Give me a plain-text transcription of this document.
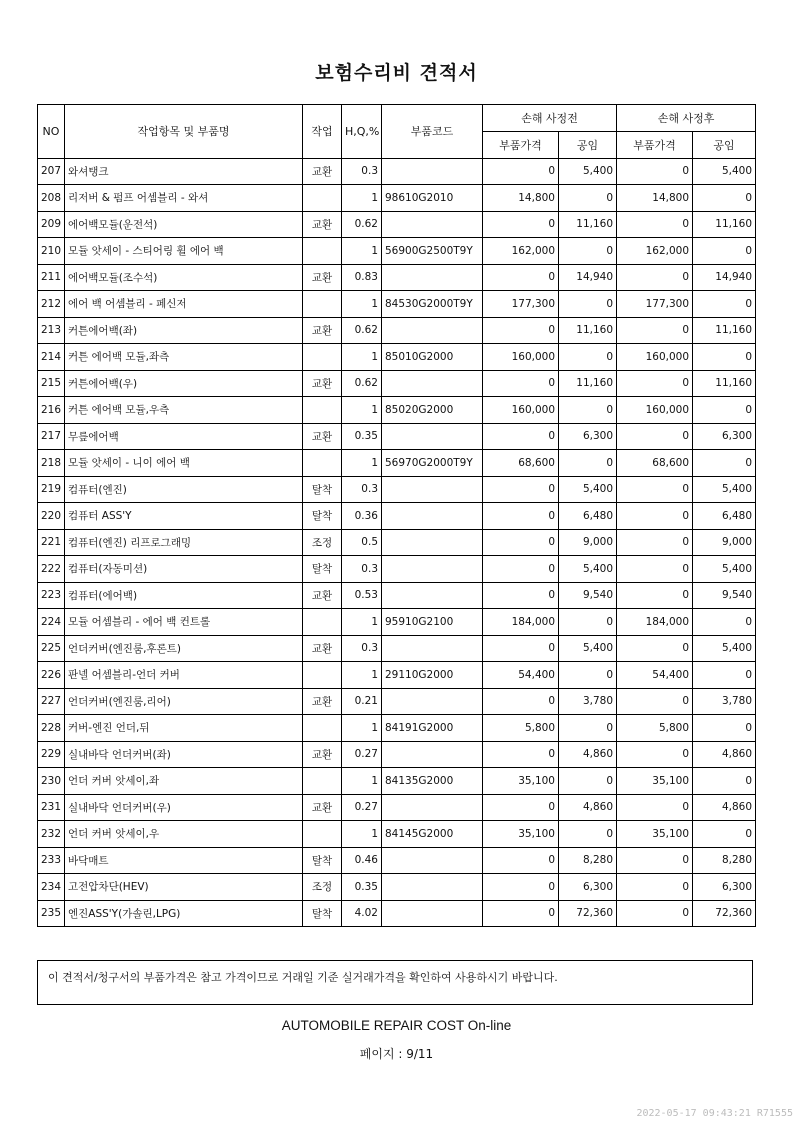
보험수리비 견적서
NO	작업항목 및 부품명	작업	H,Q,%	부품코드	손해 사정전		손해 사정후	
					부품가격	공임	부품가격	공임
207	와셔탱크	교환	0.3		0	5,400	0	5,400
208	리저버 & 펌프 어셈블리 - 와셔		1	98610G2010	14,800	0	14,800	0
209	에어백모듈(운전석)	교환	0.62		0	11,160	0	11,160
210	모듈 앗세이 - 스티어링 휠 에어 백		1	56900G2500T9Y	162,000	0	162,000	0
211	에어백모듈(조수석)	교환	0.83		0	14,940	0	14,940
212	에어 백 어셈블리 - 페신저		1	84530G2000T9Y	177,300	0	177,300	0
213	커튼에어백(좌)	교환	0.62		0	11,160	0	11,160
214	커튼 에어백 모듈,좌측		1	85010G2000	160,000	0	160,000	0
215	커튼에어백(우)	교환	0.62		0	11,160	0	11,160
216	커튼 에어백 모듈,우측		1	85020G2000	160,000	0	160,000	0
217	무릎에어백	교환	0.35		0	6,300	0	6,300
218	모듈 앗세이 - 니이 에어 백		1	56970G2000T9Y	68,600	0	68,600	0
219	컴퓨터(엔진)	탈착	0.3		0	5,400	0	5,400
220	컴퓨터 ASS'Y	탈착	0.36		0	6,480	0	6,480
221	컴퓨터(엔진) 리프로그래밍	조정	0.5		0	9,000	0	9,000
222	컴퓨터(자동미션)	탈착	0.3		0	5,400	0	5,400
223	컴퓨터(에어백)	교환	0.53		0	9,540	0	9,540
224	모듈 어셈블리 - 에어 백 컨트롤		1	95910G2100	184,000	0	184,000	0
225	언더커버(엔진룸,후론트)	교환	0.3		0	5,400	0	5,400
226	판넬 어셈블리-언더 커버		1	29110G2000	54,400	0	54,400	0
227	언더커버(엔진룸,리어)	교환	0.21		0	3,780	0	3,780
228	커버-엔진 언더,뒤		1	84191G2000	5,800	0	5,800	0
229	실내바닥 언더커버(좌)	교환	0.27		0	4,860	0	4,860
230	언더 커버 앗세이,좌		1	84135G2000	35,100	0	35,100	0
231	실내바닥 언더커버(우)	교환	0.27		0	4,860	0	4,860
232	언더 커버 앗세이,우		1	84145G2000	35,100	0	35,100	0
233	바닥매트	탈착	0.46		0	8,280	0	8,280
234	고전압차단(HEV)	조정	0.35		0	6,300	0	6,300
235	엔진ASS'Y(가솔린,LPG)	탈착	4.02		0	72,360	0	72,360
이 견적서/청구서의 부품가격은 참고 가격이므로 거래일 기준 실거래가격을 확인하여 사용하시기 바랍니다.
AUTOMOBILE REPAIR COST On-line
페이지 : 9/11
2022-05-17 09:43:21 R71555
